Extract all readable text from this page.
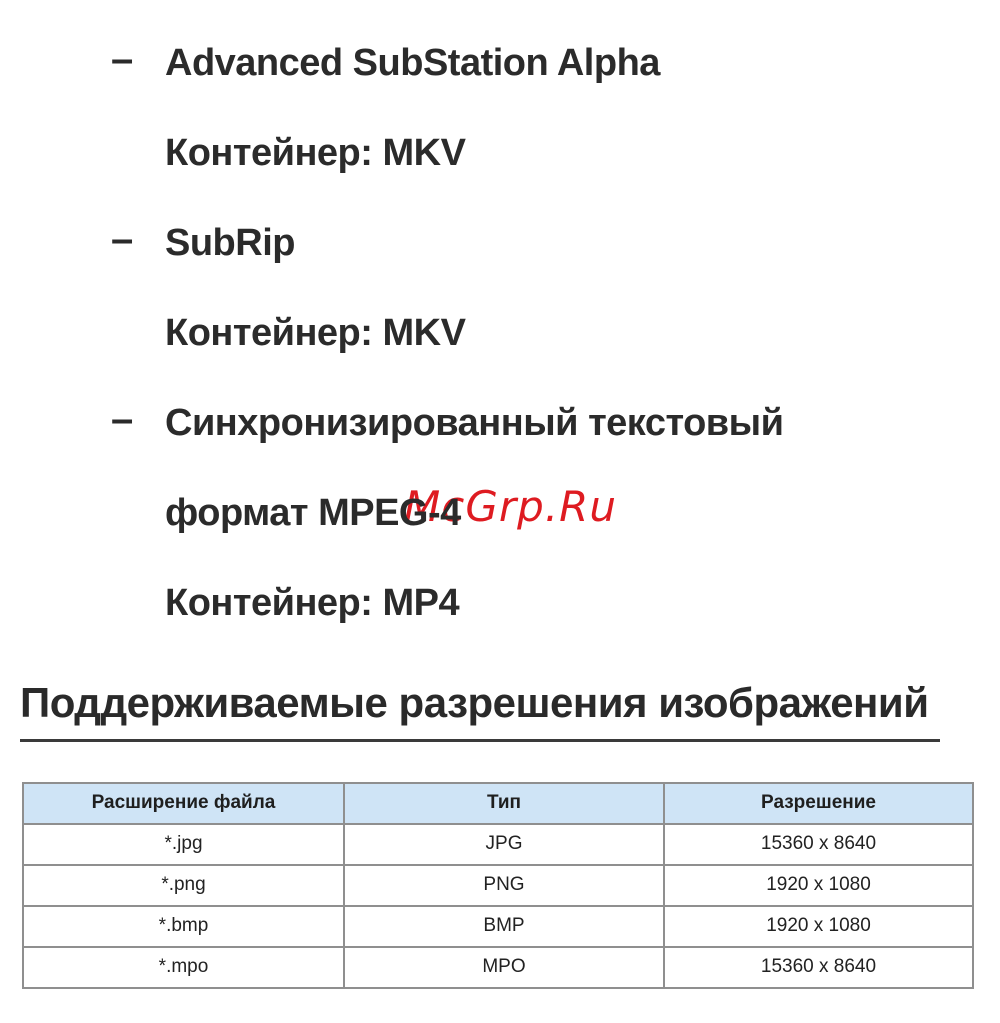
McGrp.Ru
– Advanced SubStation Alpha
Контейнер: MKV
– SubRip
Контейнер: MKV
– Синхронизированный текстовый
формат MPEG-4
Контейнер: MP4
Поддерживаемые разрешения изображений
Расширение файла	Тип	Разрешение
*.jpg	JPG	15360 x 8640
*.png	PNG	1920 x 1080
*.bmp	BMP	1920 x 1080
*.mpo	MPO	15360 x 8640
